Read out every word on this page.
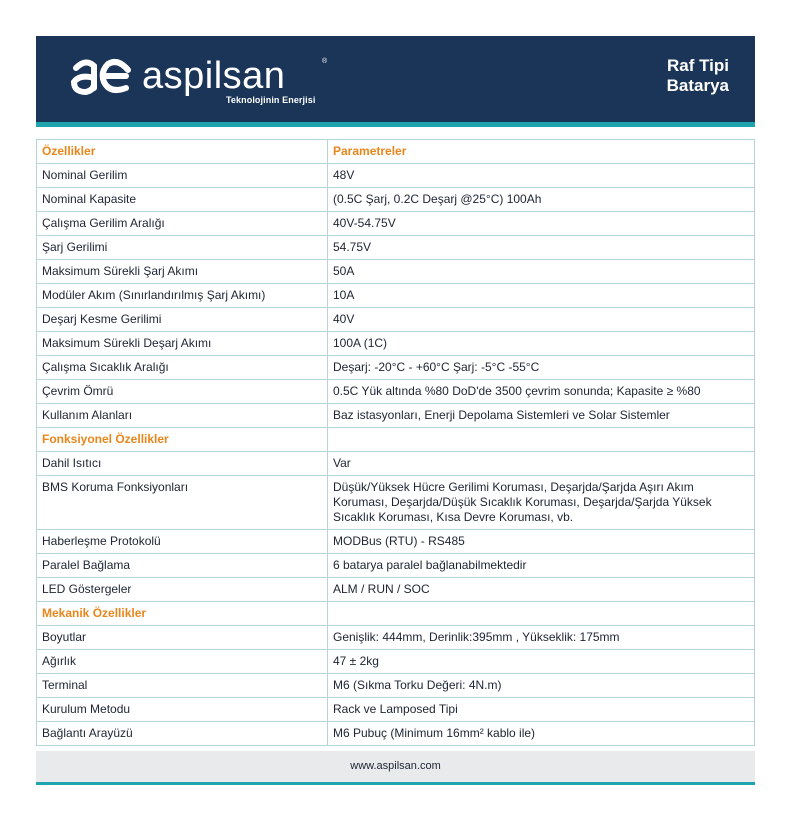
aspilsan	®
Teknolojinin Enerjisi
Raf Tipi
Batarya
Özellikler	Parametreler
Nominal Gerilim	48V
Nominal Kapasite	(0.5C Şarj, 0.2C Deşarj @25°C) 100Ah
Çalışma Gerilim Aralığı	40V-54.75V
Şarj Gerilimi	54.75V
Maksimum Sürekli Şarj Akımı	50A
Modüler Akım (Sınırlandırılmış Şarj Akımı)	10A
Deşarj Kesme Gerilimi	40V
Maksimum Sürekli Deşarj Akımı	100A (1C)
Çalışma Sıcaklık Aralığı	Deşarj: -20°C - +60°C Şarj: -5°C -55°C
Çevrim Ömrü	0.5C Yük altında %80 DoD'de 3500 çevrim sonunda; Kapasite ≥ %80
Kullanım Alanları	Baz istasyonları, Enerji Depolama Sistemleri ve Solar Sistemler
Fonksiyonel Özellikler	
Dahil Isıtıcı	Var
BMS Koruma Fonksiyonları	Düşük/Yüksek Hücre Gerilimi Koruması, Deşarjda/Şarjda Aşırı Akım Koruması, Deşarjda/Düşük Sıcaklık Koruması, Deşarjda/Şarjda Yüksek Sıcaklık Koruması, Kısa Devre Koruması, vb.
Haberleşme Protokolü	MODBus (RTU) - RS485
Paralel Bağlama	6 batarya paralel bağlanabilmektedir
LED Göstergeler	ALM / RUN / SOC
Mekanik Özellikler	
Boyutlar	Genişlik: 444mm, Derinlik:395mm , Yükseklik: 175mm
Ağırlık	47 ± 2kg
Terminal	M6 (Sıkma Torku Değeri: 4N.m)
Kurulum Metodu	Rack ve Lamposed Tipi
Bağlantı Arayüzü	M6 Pubuç (Minimum 16mm² kablo ile)
www.aspilsan.com
